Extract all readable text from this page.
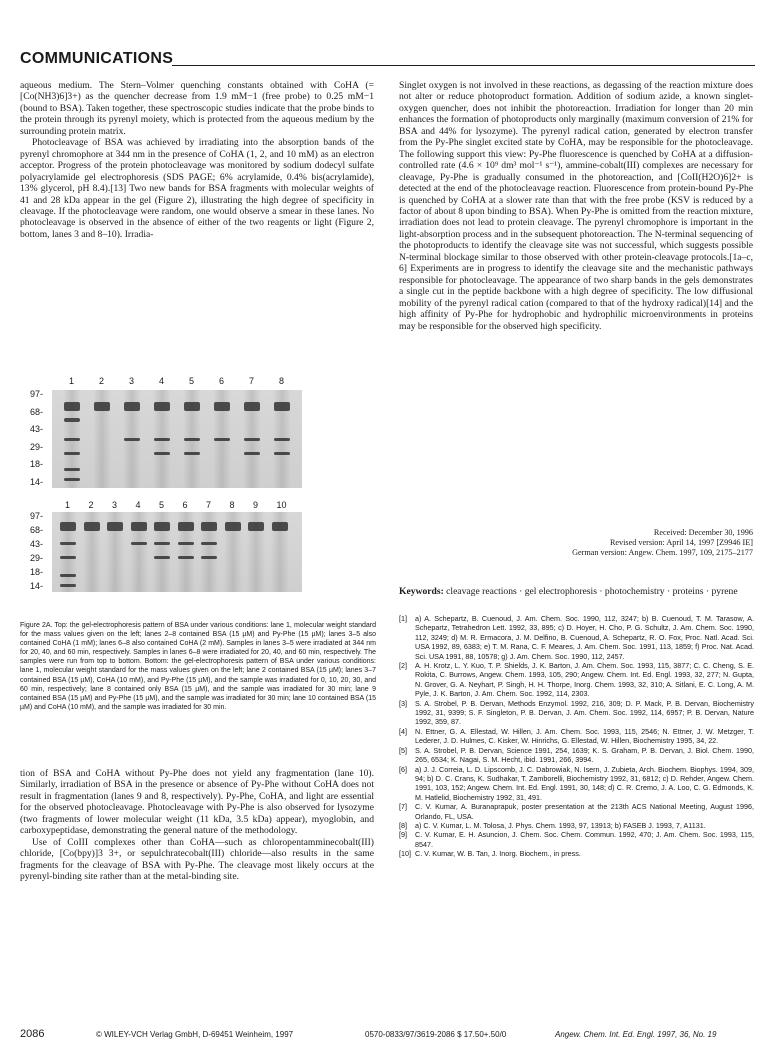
COMMUNICATIONS

aqueous medium. The Stern–Volmer quenching constants obtained with CoHA (= [Co(NH3)6]3+) as the quencher decrease from 1.9 mM−1 (free probe) to 0.25 mM−1 (bound to BSA). Taken together, these spectroscopic studies indicate that the probe binds to the protein through its pyrenyl moiety, which is protected from the aqueous medium by the surrounding protein matrix.

Photocleavage of BSA was achieved by irradiating into the absorption bands of the pyrenyl chromophore at 344 nm in the presence of CoHA (1, 2, and 10 mM) as an electron acceptor. Progress of the protein photocleavage was monitored by sodium dodecyl sulfate polyacrylamide gel electrophoresis (SDS PAGE; 6% acrylamide, 0.4% bis(acrylamide), 13% glycerol, pH 8.4).[13] Two new bands for BSA fragments with molecular weights of 41 and 28 kDa appear in the gel (Figure 2), illustrating the high degree of specificity in cleavage. If the photocleavage were random, one would observe a smear in these lanes. No photocleavage is observed in the absence of either of the two reagents or light (Figure 2, bottom, lanes 3 and 8–10). Irradia-

1	2	3	4	5	6	7	8
97-
68-
43-
29-
18-
14-
1 2 3 4 5 6 7 8 9 10
97-
68-
43-
29-
18-
14-
Figure 2A. Top: the gel-electrophoresis pattern of BSA under various conditions: lane 1, molecular weight standard for the mass values given on the left; lanes 2–8 contained BSA (15 µM) and Py-Phe (15 µM); lanes 3–5 also contained CoHA (1 mM); lanes 6–8 also contained CoHA (2 mM). Samples in lanes 3–5 were irradiated at 344 nm for 20, 40, and 60 min, respectively. Samples in lanes 6–8 were irradiated for 20, 40, and 60 min, respectively. The samples were run from top to bottom. Bottom: the gel-electrophoresis pattern of BSA under various conditions: lane 1, molecular weight standard for the mass values given on the left; lane 2 contained BSA (15 µM); lanes 3–7 contained BSA (15 µM), CoHA (10 mM), and Py-Phe (15 µM), and the sample was irradiated for 0, 10, 20, 30, and 60 min, respectively; lane 8 contained only BSA (15 µM), and the sample was irradiated for 30 min; lane 9 contained BSA (15 µM) and Py-Phe (15 µM), and the sample was irradiated for 30 min; lane 10 contained BSA (15 µM) and CoHA (10 mM), and the sample was irradiated for 30 min.

tion of BSA and CoHA without Py-Phe does not yield any fragmentation (lane 10). Similarly, irradiation of BSA in the presence or absence of Py-Phe without CoHA does not result in fragmentation (lanes 9 and 8, respectively). Py-Phe, CoHA, and light are essential for the observed photocleavage. Photocleavage with Py-Phe is also observed for lysozyme (two fragments of lower molecular weight (11 kDa, 3.5 kDa) appear), myoglobin, and carboxypeptidase, demonstrating the general nature of the methodology.

Use of CoIII complexes other than CoHA—such as chloropentamminecobalt(III) chloride, [Co(bpy)]3 3+, or sepulchratecobalt(III) chloride—also results in the same fragments for the cleavage of BSA with Py-Phe. The cleavage most likely occurs at the pyrenyl-binding site rather than at the metal-binding site.

Singlet oxygen is not involved in these reactions, as degassing of the reaction mixture does not alter or reduce photoproduct formation. Addition of sodium azide, a known singlet-oxygen quencher, does not inhibit the photoreaction. Irradiation for longer than 20 min enhances the formation of photoproducts only marginally (maximum conversion of 21% for BSA and 44% for lysozyme). The pyrenyl radical cation, generated by electron transfer from the Py-Phe singlet excited state by CoHA, may be responsible for the photocleavage. The following support this view: Py-Phe fluorescence is quenched by CoHA at a diffusion-controlled rate (4.6 × 10⁹ dm³ mol⁻¹ s⁻¹), ammine-cobalt(III) complexes are necessary for cleavage, Py-Phe is gradually consumed in the photoreaction, and [CoII(H2O)6]2+ is detected at the end of the photocleavage reaction. Fluorescence from protein-bound Py-Phe is quenched by CoHA at a slower rate than that with the free probe (KSV is reduced by a factor of about 8 upon binding to BSA). When Py-Phe is omitted from the reaction mixture, irradiation does not lead to protein cleavage. The pyrenyl chromophore is important in the light-absorption process and in the subsequent photoreaction. The N-terminal sequencing of the photoproducts to identify the cleavage site was not successful, which suggests possible N-terminal blockage similar to those observed with other protein-cleavage protocols.[1a–c, 6] Experiments are in progress to identify the cleavage site and the mechanistic pathways responsible for photocleavage. The appearance of two sharp bands in the gels demonstrates a single cut in the peptide backbone with a high degree of specificity. The low diffusional mobility of the pyrenyl radical cation (compared to that of the hydroxy radical)[14] and the high affinity of Py-Phe for hydrophobic and hydrophilic microenvironments in proteins may be responsible for the observed high specificity.

Received: December 30, 1996
Revised version: April 14, 1997 [Z9946 IE]
German version: Angew. Chem. 1997, 109, 2175–2177
Keywords: cleavage reactions · gel electrophoresis · photochemistry · proteins · pyrene
[1] a) A. Schepartz, B. Cuenoud, J. Am. Chem. Soc. 1990, 112, 3247; b) B. Cuenoud, T. M. Tarasow, A. Schepartz, Tetrahedron Lett. 1992, 33, 895; c) D. Hoyer, H. Cho, P. G. Schultz, J. Am. Chem. Soc. 1990, 112, 3249; d) M. R. Ermacora, J. M. Delfino, B. Cuenoud, A. Schepartz, R. O. Fox, Proc. Natl. Acad. Sci. USA 1992, 89, 6383; e) T. M. Rana, C. F. Meares, J. Am. Chem. Soc. 1991, 113, 1859; f) Proc. Nat. Acad. Sci. USA 1991, 88, 10578; g) J. Am. Chem. Soc. 1990, 112, 2457.
[2] A. H. Krotz, L. Y. Kuo, T. P. Shields, J. K. Barton, J. Am. Chem. Soc. 1993, 115, 3877; C. C. Cheng, S. E. Rokita, C. Burrows, Angew. Chem. 1993, 105, 290; Angew. Chem. Int. Ed. Engl. 1993, 32, 277; N. Gupta, N. Grover, G. A. Neyhart, P. Singh, H. H. Thorpe, Inorg. Chem. 1993, 32, 310; A. Sitlani, E. C. Long, A. M. Pyle, J. K. Barton, J. Am. Chem. Soc. 1992, 114, 2303.
[3] S. A. Strobel, P. B. Dervan, Methods Enzymol. 1992, 216, 309; D. P. Mack, P. B. Dervan, Biochemistry 1992, 31, 9399; S. F. Singleton, P. B. Dervan, J. Am. Chem. Soc. 1992, 114, 6957; P. B. Dervan, Nature 1992, 359, 87.
[4] N. Ettner, G. A. Ellestad, W. Hillen, J. Am. Chem. Soc. 1993, 115, 2546; N. Ettner, J. W. Metzger, T. Lederer, J. D. Hulmes, C. Kisker, W. Hinrichs, G. Ellestad, W. Hillen, Biochemistry 1995, 34, 22.
[5] S. A. Strobel, P. B. Dervan, Science 1991, 254, 1639; K. S. Graham, P. B. Dervan, J. Biol. Chem. 1990, 265, 6534; K. Nagai, S. M. Hecht, ibid. 1991, 266, 3994.
[6] a) J. J. Correia, L. D. Lipscomb, J. C. Dabrowiak, N. Isern, J. Zubieta, Arch. Biochem. Biophys. 1994, 309, 94; b) D. C. Crans, K. Sudhakar, T. Zamborelli, Biochemistry 1992, 31, 6812; c) D. Rehder, Angew. Chem. 1991, 103, 152; Angew. Chem. Int. Ed. Engl. 1991, 30, 148; d) C. R. Cremo, J. A. Loo, C. G. Edmonds, K. M. Hatlelid, Biochemistry 1992, 31, 491.
[7] C. V. Kumar, A. Buranaprapuk, poster presentation at the 213th ACS National Meeting, August 1996, Orlando, FL, USA.
[8] a) C. V. Kumar, L. M. Tolosa, J. Phys. Chem. 1993, 97, 13913; b) FASEB J. 1993, 7, A1131.
[9] C. V. Kumar, E. H. Asuncion, J. Chem. Soc. Chem. Commun. 1992, 470; J. Am. Chem. Soc. 1993, 115, 8547.
[10] C. V. Kumar, W. B. Tan, J. Inorg. Biochem., in press.
2086	© WILEY-VCH Verlag GmbH, D-69451 Weinheim, 1997	0570-0833/97/3619-2086 $ 17.50+.50/0	Angew. Chem. Int. Ed. Engl. 1997, 36, No. 19
